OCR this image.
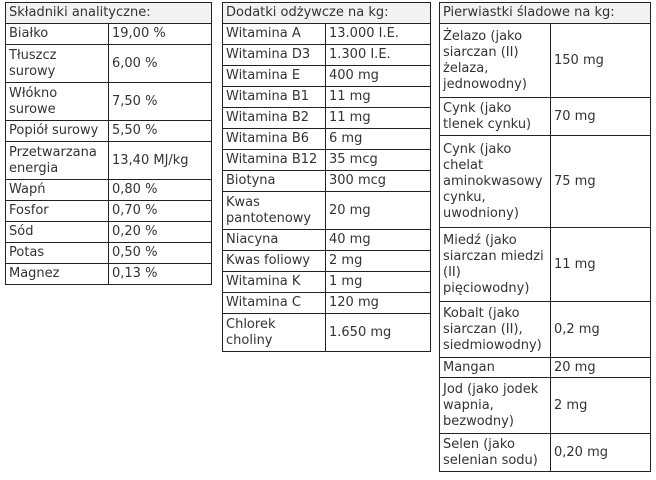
Składniki analityczne:	
Białko	19,00 %
Tłuszcz surowy	6,00 %
Włókno surowe	7,50 %
Popiół surowy	5,50 %
Przetwarzana energia	13,40 MJ/kg
Wapń	0,80 %
Fosfor	0,70 %
Sód	0,20 %
Potas	0,50 %
Magnez	0,13 %
Dodatki odżywcze na kg:	
Witamina A	13.000 I.E.
Witamina D3	1.300 I.E.
Witamina E	400 mg
Witamina B1	11 mg
Witamina B2	11 mg
Witamina B6	6 mg
Witamina B12	35 mcg
Biotyna	300 mcg
Kwas pantotenowy	20 mg
Niacyna	40 mg
Kwas foliowy	2 mg
Witamina K	1 mg
Witamina C	120 mg
Chlorek choliny	1.650 mg
Pierwiastki śladowe na kg:	
Żelazo (jako siarczan (II) żelaza, jednowodny)	150 mg
Cynk (jako tlenek cynku)	70 mg
Cynk (jako chelat aminokwasowy cynku, uwodniony)	75 mg
Miedź (jako siarczan miedzi (II) pięciowodny)	11 mg
Kobalt (jako siarczan (II), siedmiowodny)	0,2 mg
Mangan	20 mg
Jod (jako jodek wapnia, bezwodny)	2 mg
Selen (jako selenian sodu)	0,20 mg
